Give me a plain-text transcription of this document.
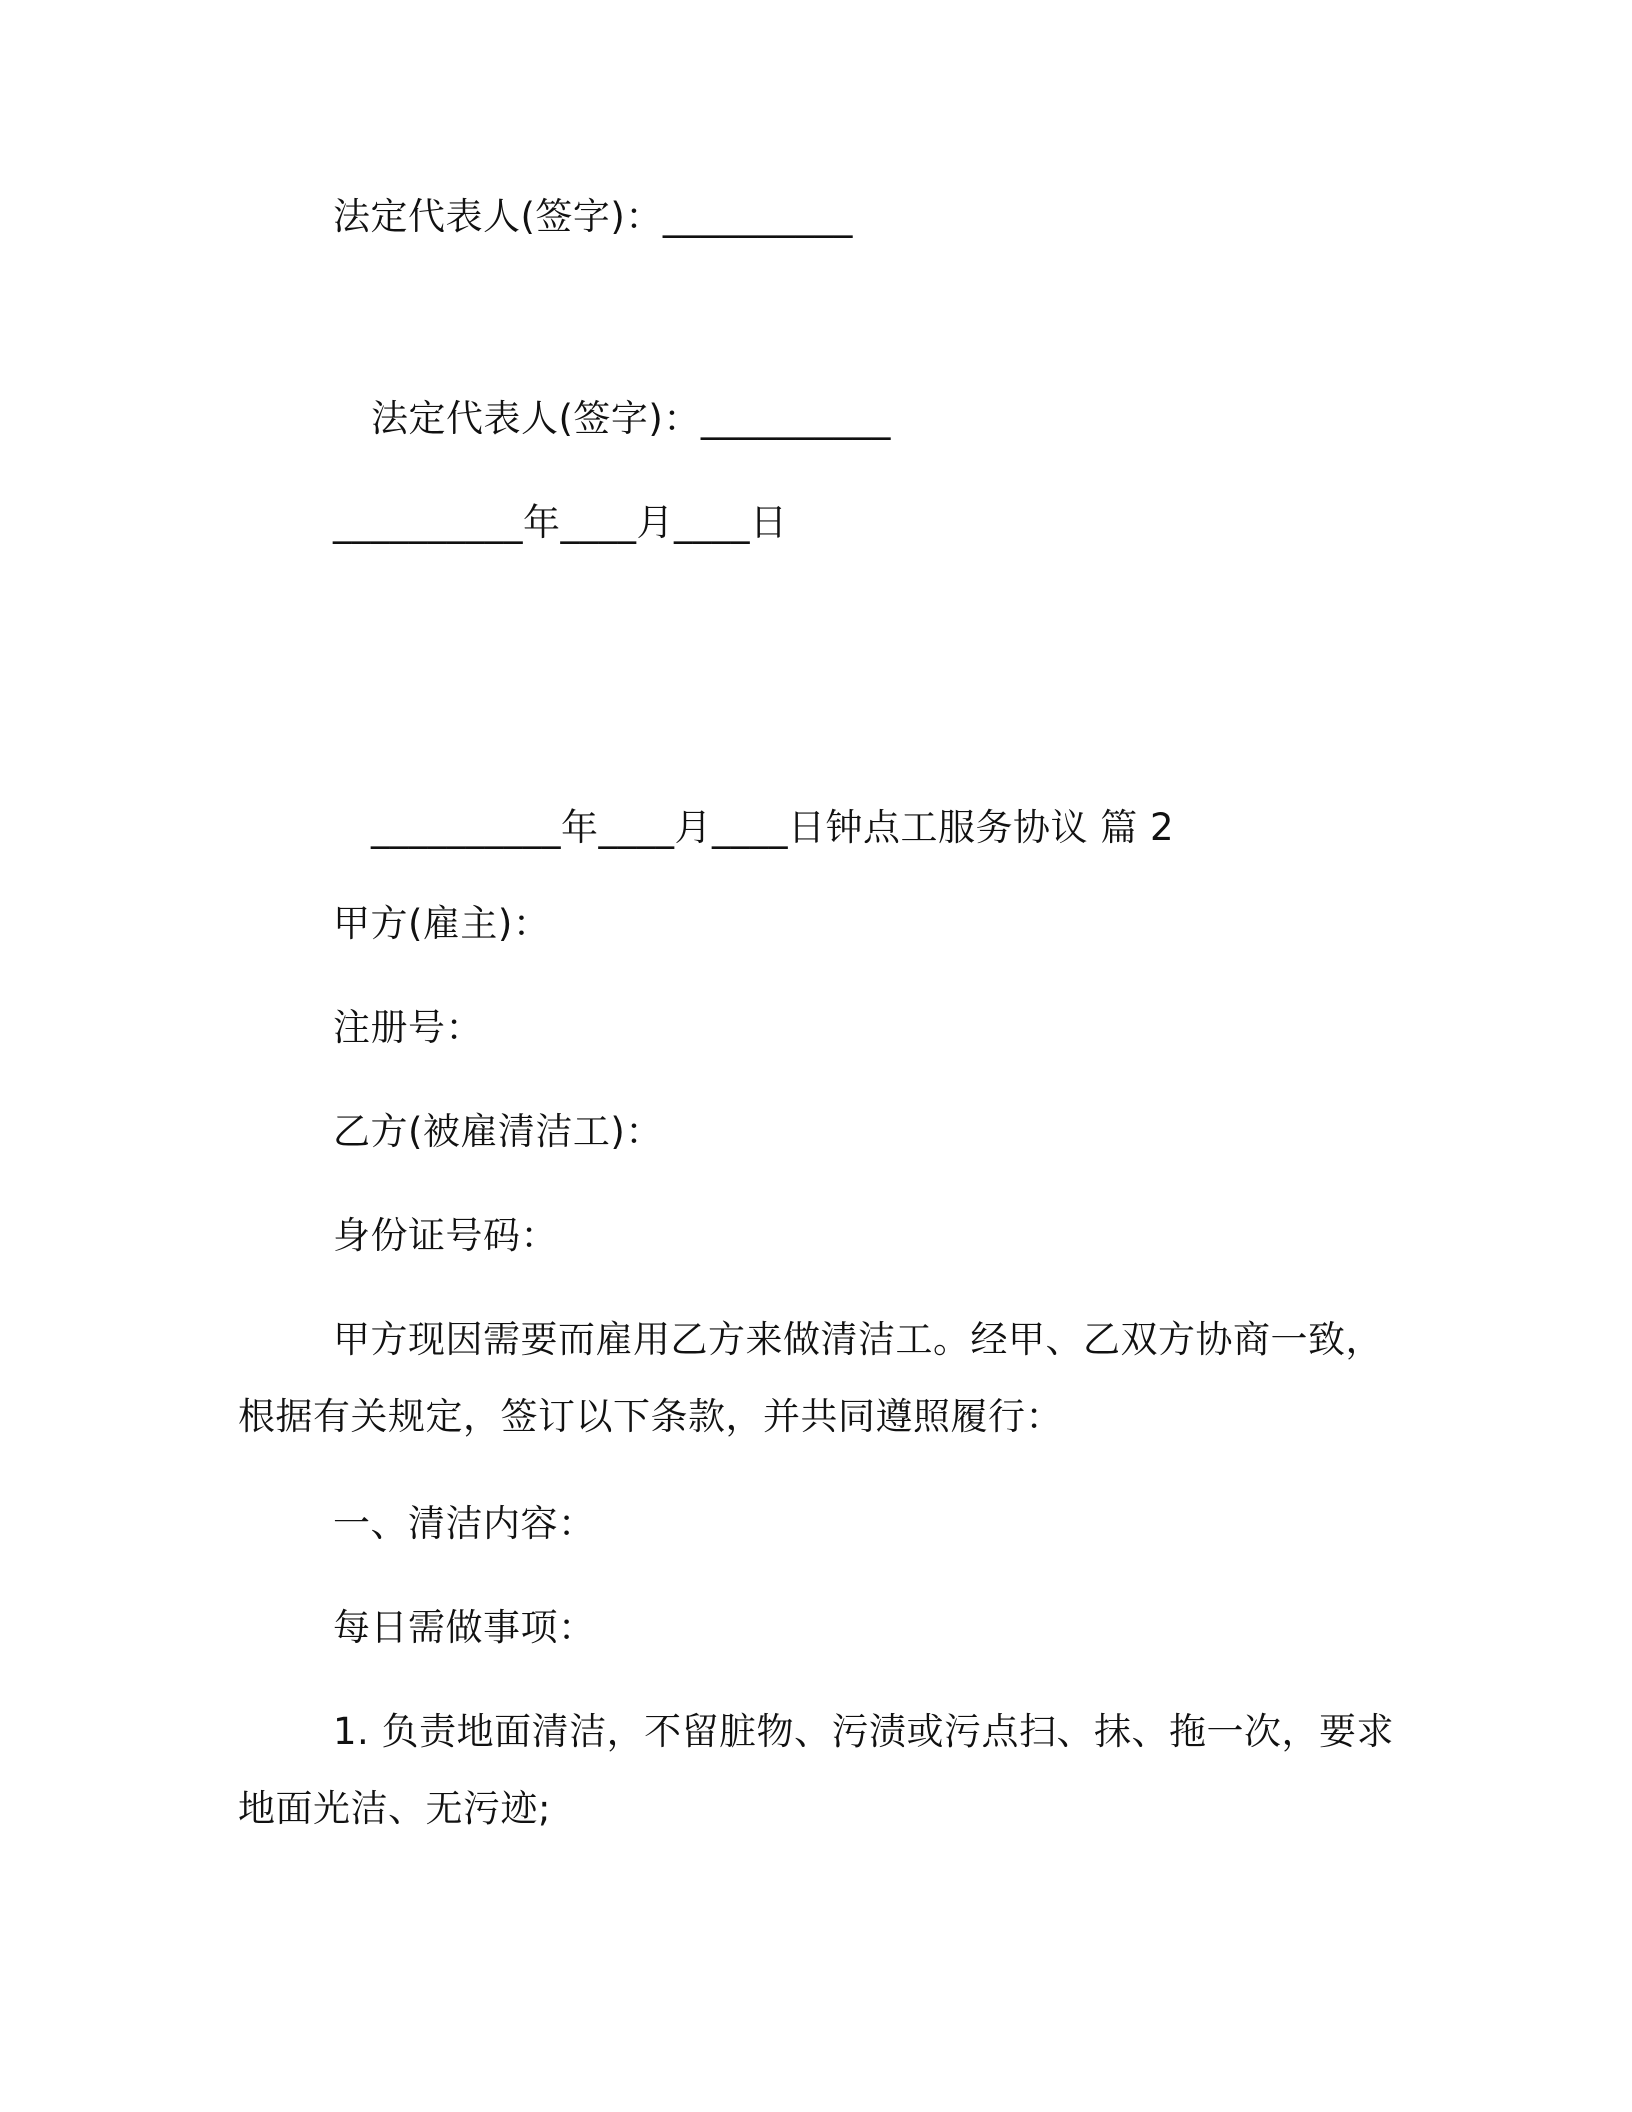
法定代表人(签字)：__________
法定代表人(签字)：__________
__________年____月____日
__________年____月____日钟点工服务协议 篇 2
甲方(雇主)：
注册号：
乙方(被雇清洁工)：
身份证号码：
甲方现因需要而雇用乙方来做清洁工。经甲、乙双方协商一致，
根据有关规定，签订以下条款，并共同遵照履行：
一、清洁内容：
每日需做事项：
1. 负责地面清洁，不留脏物、污渍或污点扫、抹、拖一次，要求
地面光洁、无污迹;
